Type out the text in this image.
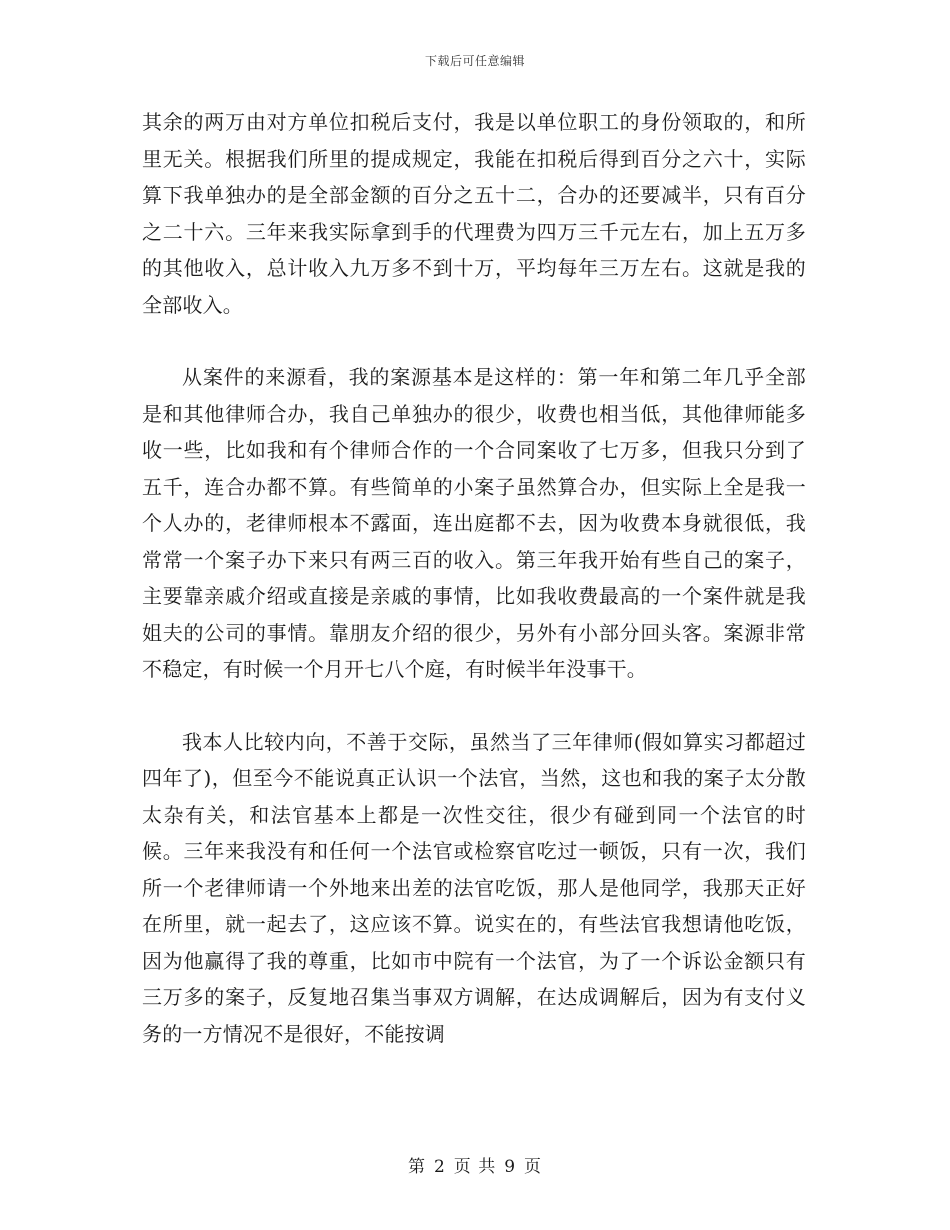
下载后可任意编辑

其余的两万由对方单位扣税后支付，我是以单位职工的身份领取的，和所里无关。根据我们所里的提成规定，我能在扣税后得到百分之六十，实际算下我单独办的是全部金额的百分之五十二，合办的还要减半，只有百分之二十六。三年来我实际拿到手的代理费为四万三千元左右，加上五万多的其他收入，总计收入九万多不到十万，平均每年三万左右。这就是我的全部收入。

从案件的来源看，我的案源基本是这样的：第一年和第二年几乎全部是和其他律师合办，我自己单独办的很少，收费也相当低，其他律师能多收一些，比如我和有个律师合作的一个合同案收了七万多，但我只分到了五千，连合办都不算。有些简单的小案子虽然算合办，但实际上全是我一个人办的，老律师根本不露面，连出庭都不去，因为收费本身就很低，我常常一个案子办下来只有两三百的收入。第三年我开始有些自己的案子，主要靠亲戚介绍或直接是亲戚的事情，比如我收费最高的一个案件就是我姐夫的公司的事情。靠朋友介绍的很少，另外有小部分回头客。案源非常不稳定，有时候一个月开七八个庭，有时候半年没事干。

我本人比较内向，不善于交际，虽然当了三年律师(假如算实习都超过四年了)，但至今不能说真正认识一个法官，当然，这也和我的案子太分散太杂有关，和法官基本上都是一次性交往，很少有碰到同一个法官的时候。三年来我没有和任何一个法官或检察官吃过一顿饭，只有一次，我们所一个老律师请一个外地来出差的法官吃饭，那人是他同学，我那天正好在所里，就一起去了，这应该不算。说实在的，有些法官我想请他吃饭，因为他赢得了我的尊重，比如市中院有一个法官，为了一个诉讼金额只有三万多的案子，反复地召集当事双方调解，在达成调解后，因为有支付义务的一方情况不是很好，不能按调

第 2 页 共 9 页
